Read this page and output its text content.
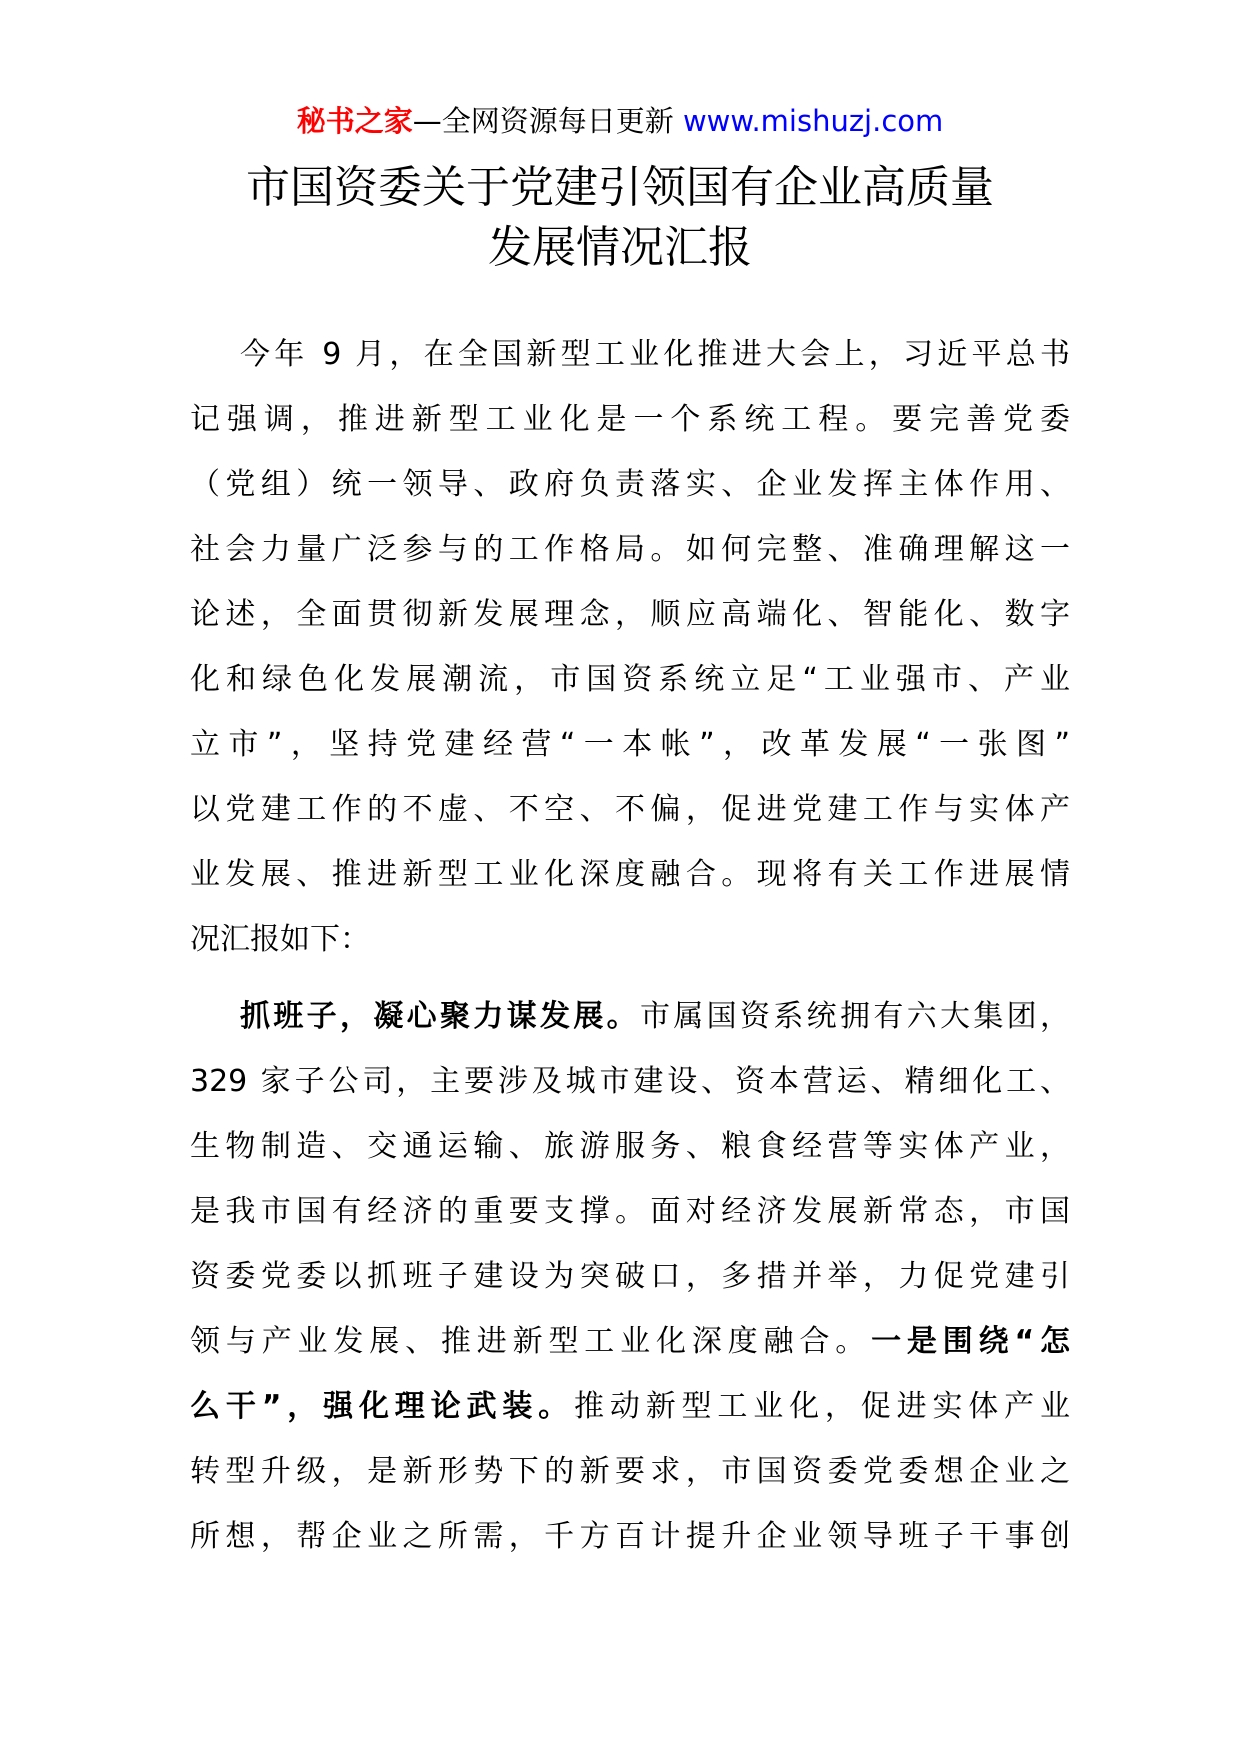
秘书之家—全网资源每日更新 www.mishuzj.com
市国资委关于党建引领国有企业高质量
发展情况汇报
今年 9 月，在全国新型工业化推进大会上，习近平总书
记强调，推进新型工业化是一个系统工程。要完善党委
（党组）统一领导、政府负责落实、企业发挥主体作用、
社会力量广泛参与的工作格局。如何完整、准确理解这一
论述，全面贯彻新发展理念，顺应高端化、智能化、数字
化和绿色化发展潮流，市国资系统立足“工业强市、产业
立市”，坚持党建经营“一本帐”，改革发展“一张图”
以党建工作的不虚、不空、不偏，促进党建工作与实体产
业发展、推进新型工业化深度融合。现将有关工作进展情
况汇报如下：
抓班子，凝心聚力谋发展。市属国资系统拥有六大集团，
329 家子公司，主要涉及城市建设、资本营运、精细化工、
生物制造、交通运输、旅游服务、粮食经营等实体产业，
是我市国有经济的重要支撑。面对经济发展新常态，市国
资委党委以抓班子建设为突破口，多措并举，力促党建引
领与产业发展、推进新型工业化深度融合。一是围绕“怎
么干”，强化理论武装。推动新型工业化，促进实体产业
转型升级，是新形势下的新要求，市国资委党委想企业之
所想，帮企业之所需，千方百计提升企业领导班子干事创
